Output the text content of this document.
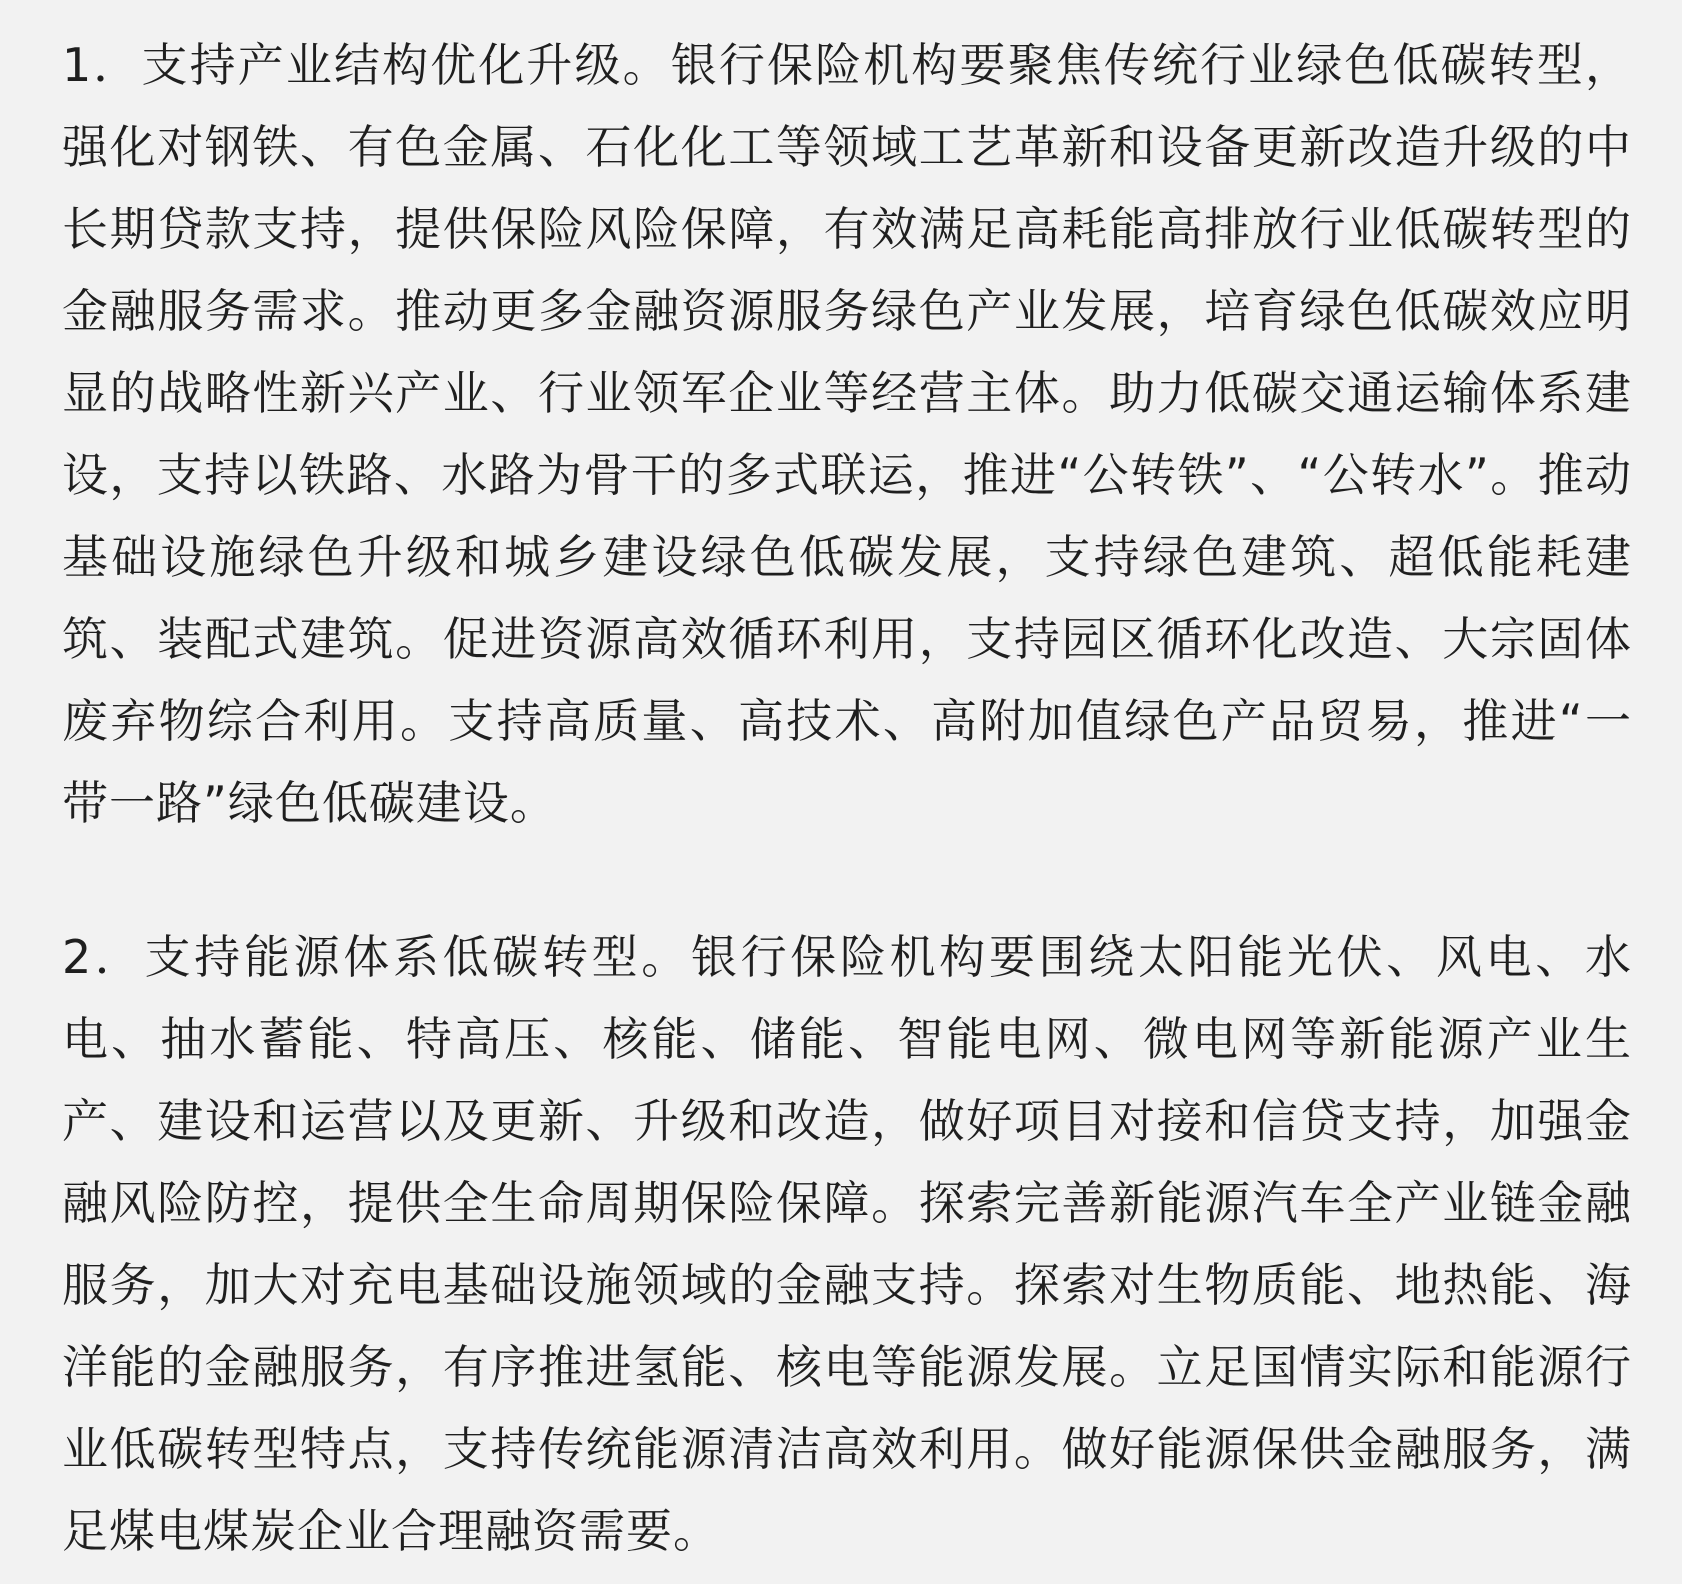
1．支持产业结构优化升级。银行保险机构要聚焦传统行业绿色低碳转型，强化对钢铁、有色金属、石化化工等领域工艺革新和设备更新改造升级的中长期贷款支持，提供保险风险保障，有效满足高耗能高排放行业低碳转型的金融服务需求。推动更多金融资源服务绿色产业发展，培育绿色低碳效应明显的战略性新兴产业、行业领军企业等经营主体。助力低碳交通运输体系建设，支持以铁路、水路为骨干的多式联运，推进“公转铁”、“公转水”。推动基础设施绿色升级和城乡建设绿色低碳发展，支持绿色建筑、超低能耗建筑、装配式建筑。促进资源高效循环利用，支持园区循环化改造、大宗固体废弃物综合利用。支持高质量、高技术、高附加值绿色产品贸易，推进“一带一路”绿色低碳建设。

2．支持能源体系低碳转型。银行保险机构要围绕太阳能光伏、风电、水电、抽水蓄能、特高压、核能、储能、智能电网、微电网等新能源产业生产、建设和运营以及更新、升级和改造，做好项目对接和信贷支持，加强金融风险防控，提供全生命周期保险保障。探索完善新能源汽车全产业链金融服务，加大对充电基础设施领域的金融支持。探索对生物质能、地热能、海洋能的金融服务，有序推进氢能、核电等能源发展。立足国情实际和能源行业低碳转型特点，支持传统能源清洁高效利用。做好能源保供金融服务，满足煤电煤炭企业合理融资需要。
